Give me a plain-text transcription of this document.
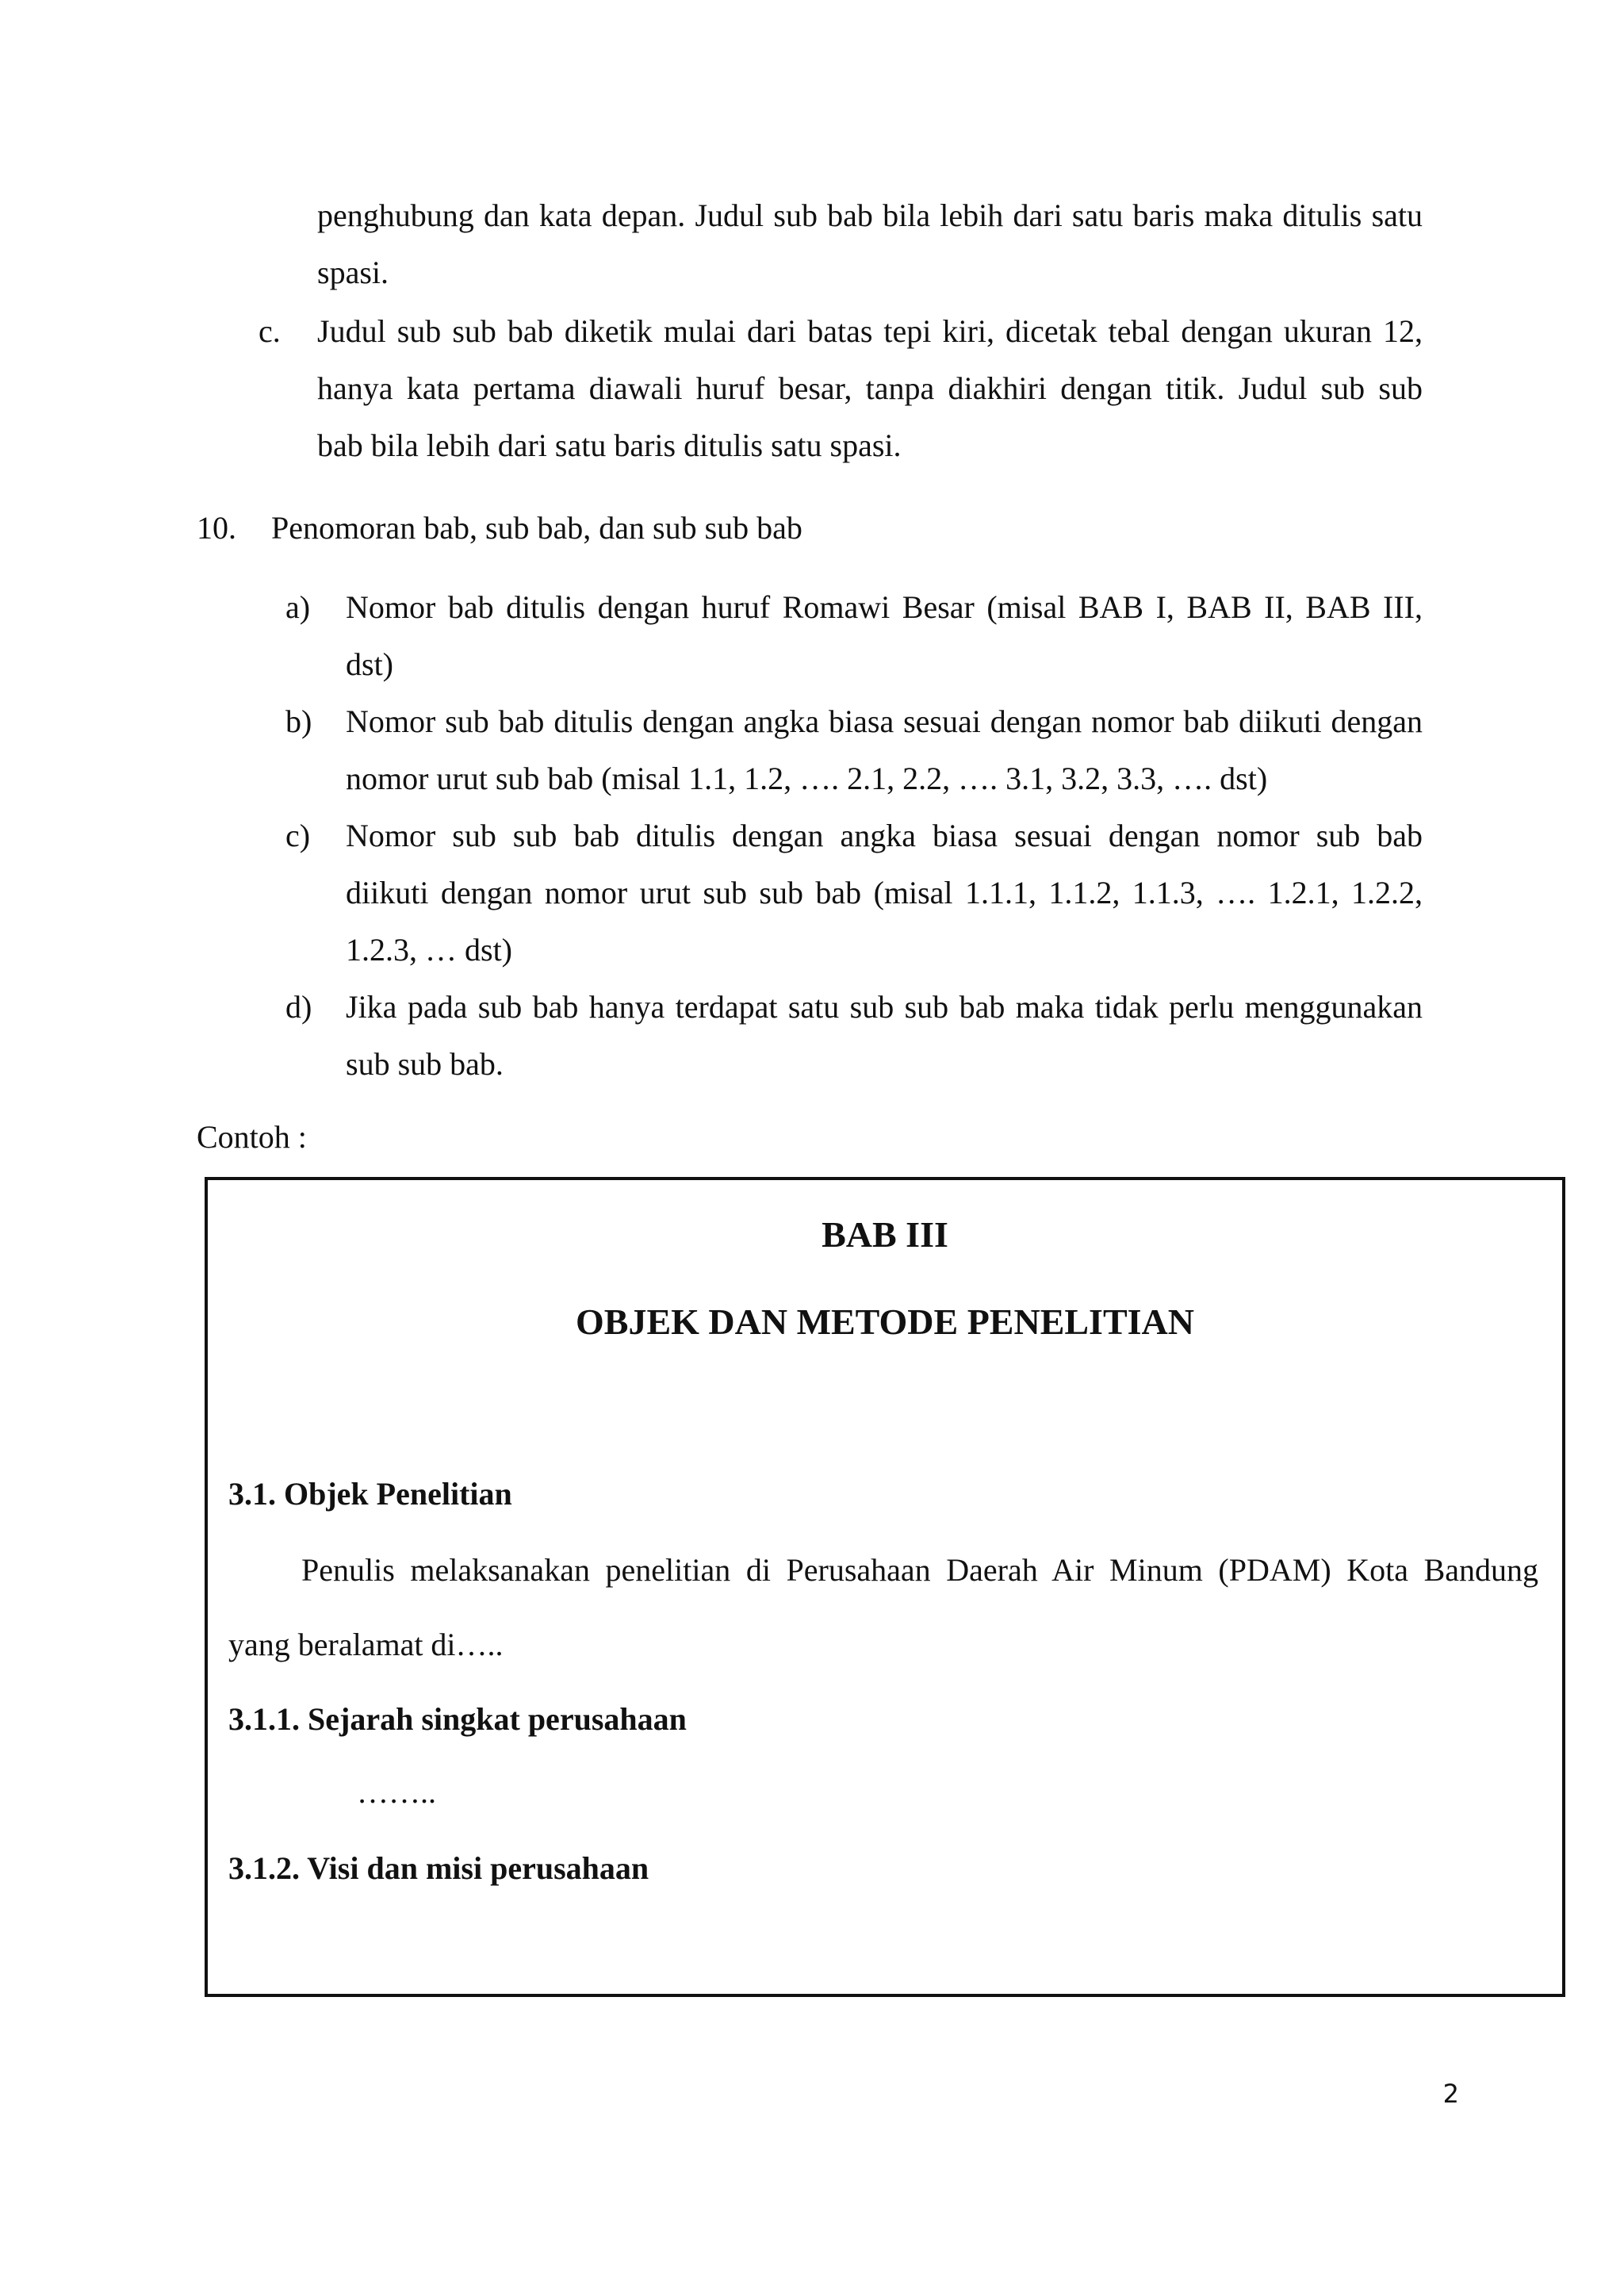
penghubung dan kata depan. Judul sub bab bila lebih dari satu baris maka ditulis satu
spasi.
c. Judul sub sub bab diketik mulai dari batas tepi kiri, dicetak tebal dengan ukuran 12,
hanya kata pertama diawali huruf besar, tanpa diakhiri dengan titik. Judul sub sub
bab bila lebih dari satu baris ditulis satu spasi.
10. Penomoran bab, sub bab, dan sub sub bab
a) Nomor bab ditulis dengan huruf Romawi Besar (misal BAB I, BAB II, BAB III,
dst)
b) Nomor sub bab ditulis dengan angka biasa sesuai dengan nomor bab diikuti dengan
nomor urut sub bab (misal 1.1, 1.2, …. 2.1, 2.2, …. 3.1, 3.2, 3.3, …. dst)
c) Nomor sub sub bab ditulis dengan angka biasa sesuai dengan nomor sub bab
diikuti dengan nomor urut sub sub bab (misal 1.1.1, 1.1.2, 1.1.3, …. 1.2.1, 1.2.2,
1.2.3, … dst)
d) Jika pada sub bab hanya terdapat satu sub sub bab maka tidak perlu menggunakan
sub sub bab.
Contoh :
BAB III
OBJEK DAN METODE PENELITIAN
3.1. Objek Penelitian
Penulis melaksanakan penelitian di Perusahaan Daerah Air Minum (PDAM) Kota Bandung
yang beralamat di…..
3.1.1. Sejarah singkat perusahaan
……..
3.1.2. Visi dan misi perusahaan
2
